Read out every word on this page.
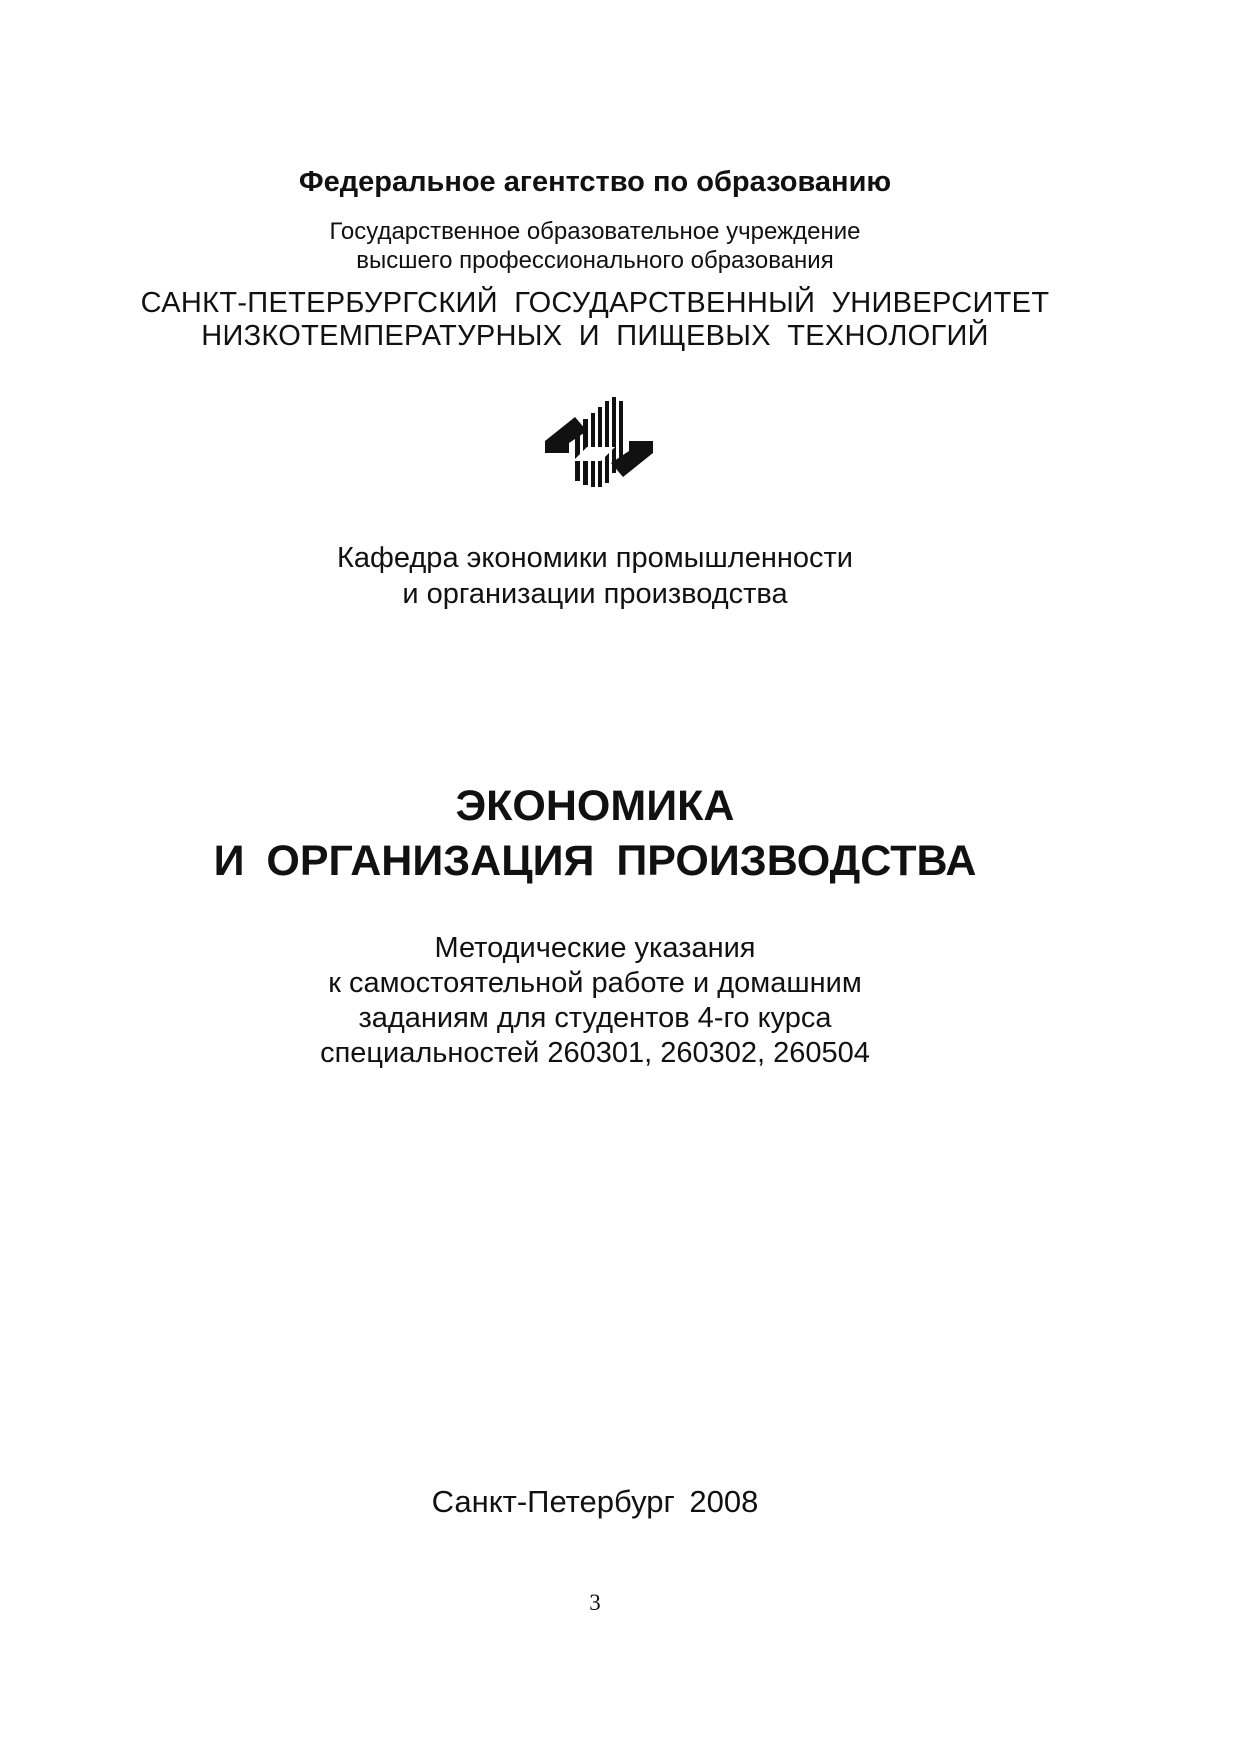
Федеральное агентство по образованию
Государственное образовательное учреждение
высшего профессионального образования
САНКТ-ПЕТЕРБУРГСКИЙ ГОСУДАРСТВЕННЫЙ УНИВЕРСИТЕТ
НИЗКОТЕМПЕРАТУРНЫХ И ПИЩЕВЫХ ТЕХНОЛОГИЙ
Кафедра экономики промышленности
и организации производства
ЭКОНОМИКА
И ОРГАНИЗАЦИЯ ПРОИЗВОДСТВА
Методические указания
к самостоятельной работе и домашним
заданиям для студентов 4-го курса
специальностей 260301, 260302, 260504
Санкт-Петербург 2008
3
